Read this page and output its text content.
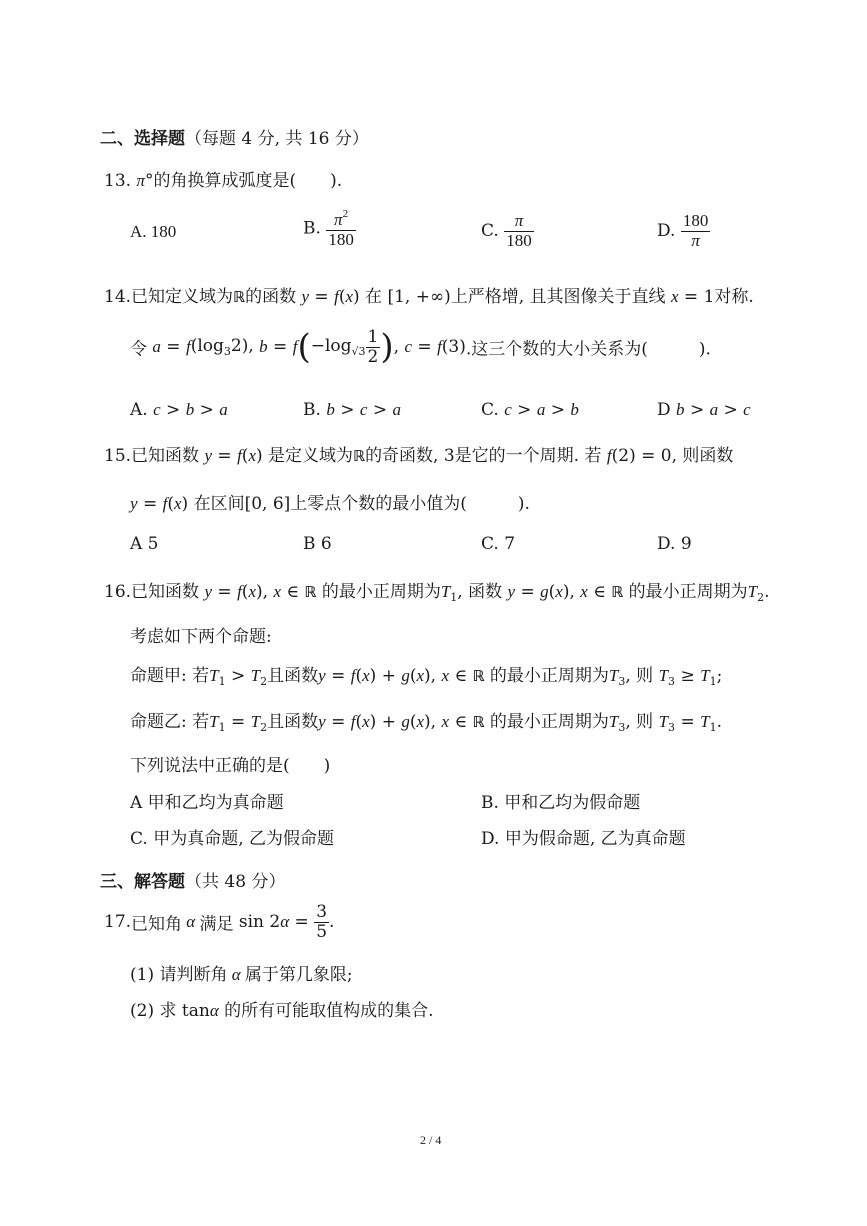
二、选择题（每题 4 分, 共 16 分）
13. π°的角换算成弧度是(　　).
A. 180	B. $\frac{\pi^2}{180}$	C. $\frac{\pi}{180}$	D. $\frac{180}{\pi}$
14.已知定义域为ℝ的函数 y = f(x) 在 [1, +∞)上严格增, 且其图像关于直线 x = 1对称.
令 $a = f(\log_32)$, $b = f(-\log_{√3} \frac{1}{2}$ ), c = f(3).这三个数的大小关系为(　　　).
A. c > b > a	B. b > c > a	C. c > a > b	D b > a > c
15.已知函数 y = f(x) 是定义域为ℝ的奇函数, 3是它的一个周期. 若 f(2) = 0, 则函数
y = f(x) 在区间[0, 6]上零点个数的最小值为(　　　).
A 5	B 6	C. 7	D. 9
16.已知函数 y = f(x), x ∈ ℝ 的最小正周期为$T_1$, 函数 y = g(x), x ∈ ℝ 的最小正周期为$T_2$.
考虑如下两个命题:
命题甲: 若$T_1 > T_2$且函数y = f(x) + g(x), x ∈ ℝ 的最小正周期为$T_3$, 则 $T_3 \ge T_1$;
命题乙: 若$T_1 = T_2$且函数y = f(x) + g(x), x ∈ ℝ 的最小正周期为$T_3$, 则 $T_3 = T_1$.
下列说法中正确的是(　　)
A 甲和乙均为真命题	B. 甲和乙均为假命题
C. 甲为真命题, 乙为假命题	D. 甲为假命题, 乙为真命题
三、解答题（共 48 分）
17.已知角 α 满足 $\sin 2\alpha = \frac{3}{5}$ .
(1) 请判断角 α 属于第几象限;
(2) 求 tanα 的所有可能取值构成的集合.
2 / 4
